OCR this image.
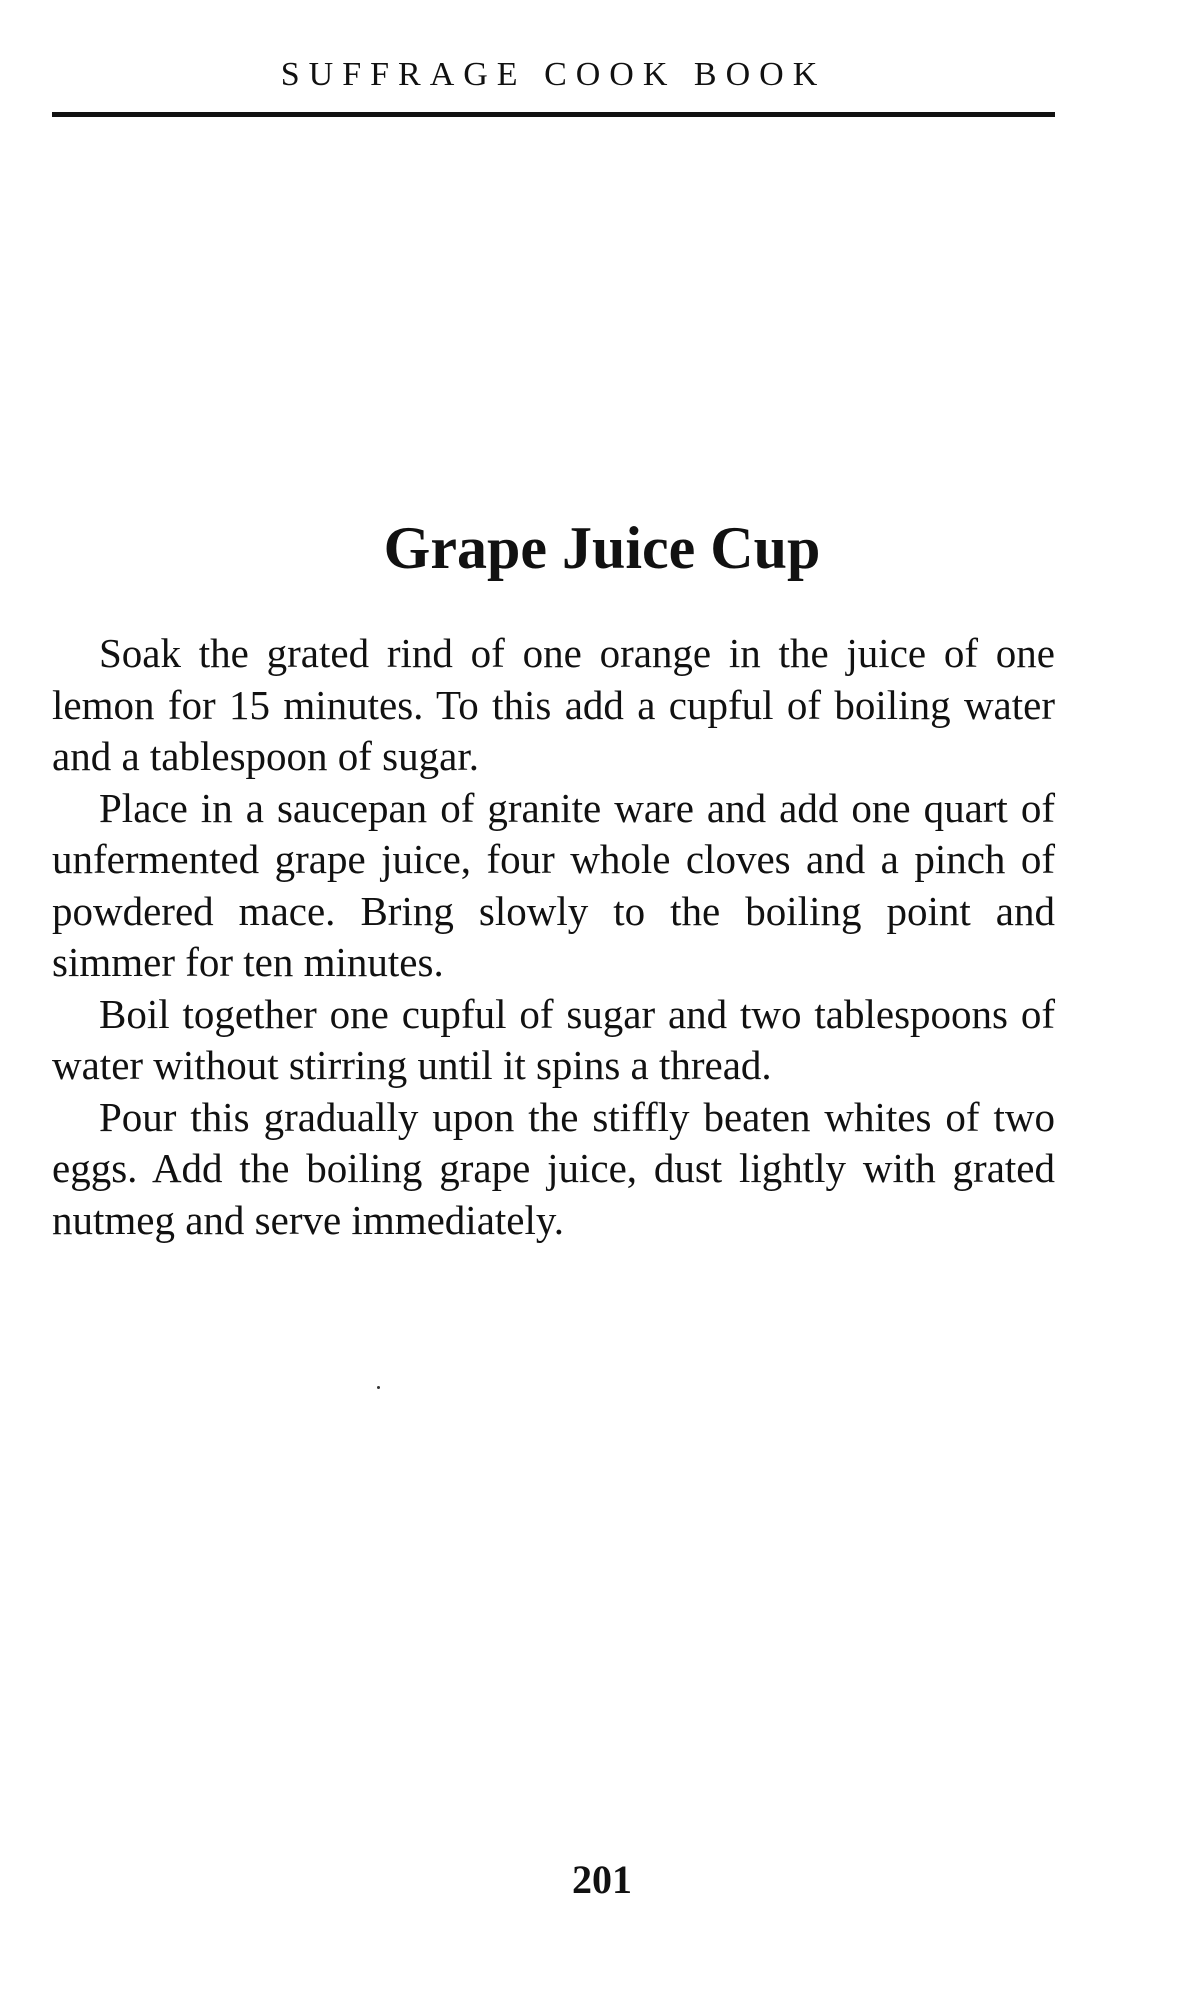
SUFFRAGE COOK BOOK
Grape Juice Cup

Soak the grated rind of one orange in the juice of one lemon for 15 minutes. To this add a cupful of boiling water and a tablespoon of sugar.

Place in a saucepan of granite ware and add one quart of unfermented grape juice, four whole cloves and a pinch of powdered mace. Bring slowly to the boiling point and simmer for ten minutes.

Boil together one cupful of sugar and two tablespoons of water without stirring until it spins a thread.

Pour this gradually upon the stiffly beaten whites of two eggs. Add the boiling grape juice, dust lightly with grated nutmeg and serve immediately.

201
